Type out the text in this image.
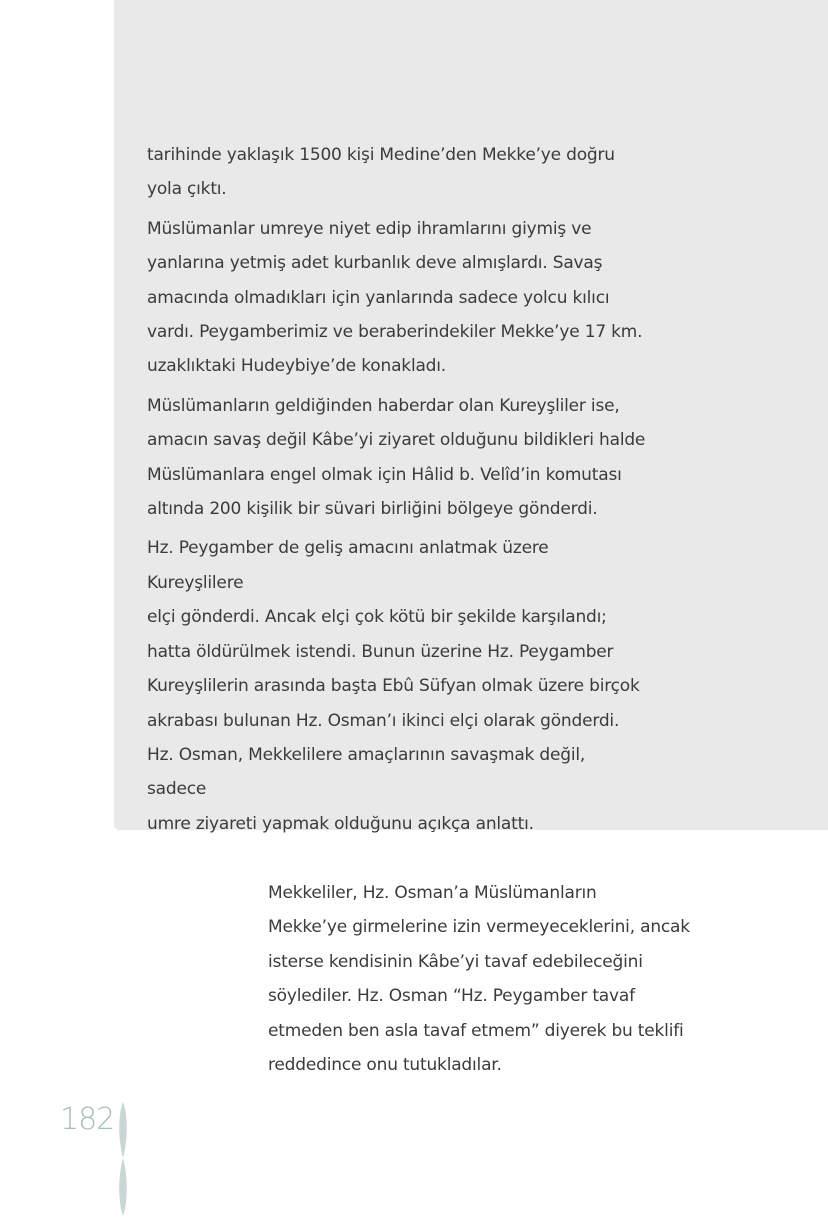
tarihinde yaklaşık 1500 kişi Medine’den Mekke’ye doğru
yola çıktı.

Müslümanlar umreye niyet edip ihramlarını giymiş ve
yanlarına yetmiş adet kurbanlık deve almışlardı. Savaş
amacında olmadıkları için yanlarında sadece yolcu kılıcı
vardı. Peygamberimiz ve beraberindekiler Mekke’ye 17 km.
uzaklıktaki Hudeybiye’de konakladı.

Müslümanların geldiğinden haberdar olan Kureyşliler ise,
amacın savaş değil Kâbe’yi ziyaret olduğunu bildikleri halde
Müslümanlara engel olmak için Hâlid b. Velîd’in komutası
altında 200 kişilik bir süvari birliğini bölgeye gönderdi.

Hz. Peygamber de geliş amacını anlatmak üzere Kureyşlilere
elçi gönderdi. Ancak elçi çok kötü bir şekilde karşılandı;
hatta öldürülmek istendi. Bunun üzerine Hz. Peygamber
Kureyşlilerin arasında başta Ebû Süfyan olmak üzere birçok
akrabası bulunan Hz. Osman’ı ikinci elçi olarak gönderdi.
Hz. Osman, Mekkelilere amaçlarının savaşmak değil, sadece
umre ziyareti yapmak olduğunu açıkça anlattı.

Mekkeliler, Hz. Osman’a Müslümanların
Mekke’ye girmelerine izin vermeyeceklerini, ancak
isterse kendisinin Kâbe’yi tavaf edebileceğini
söylediler. Hz. Osman “Hz. Peygamber tavaf
etmeden ben asla tavaf etmem” diyerek bu teklifi
reddedince onu tutukladılar.

182
